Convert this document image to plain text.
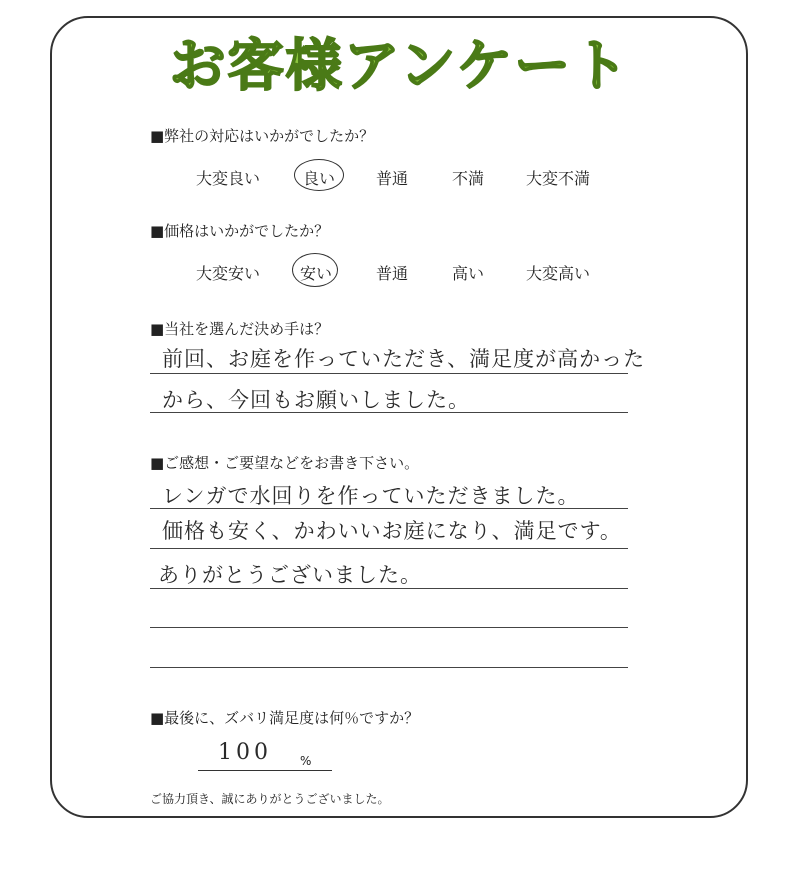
お客様アンケート
■弊社の対応はいかがでしたか？
大変良い	良い	普通	不満	大変不満
■価格はいかがでしたか？
大変安い 安い	普通	高い	大変高い
■当社を選んだ決め手は？
前回、お庭を作っていただき、満足度が高かった
から、今回もお願いしました。
■ご感想・ご要望などをお書き下さい。
レンガで水回りを作っていただきました。
価格も安く、かわいいお庭になり、満足です。
ありがとうございました。
■最後に、ズバリ満足度は何％ですか？
100 %
ご協力頂き、誠にありがとうございました。
